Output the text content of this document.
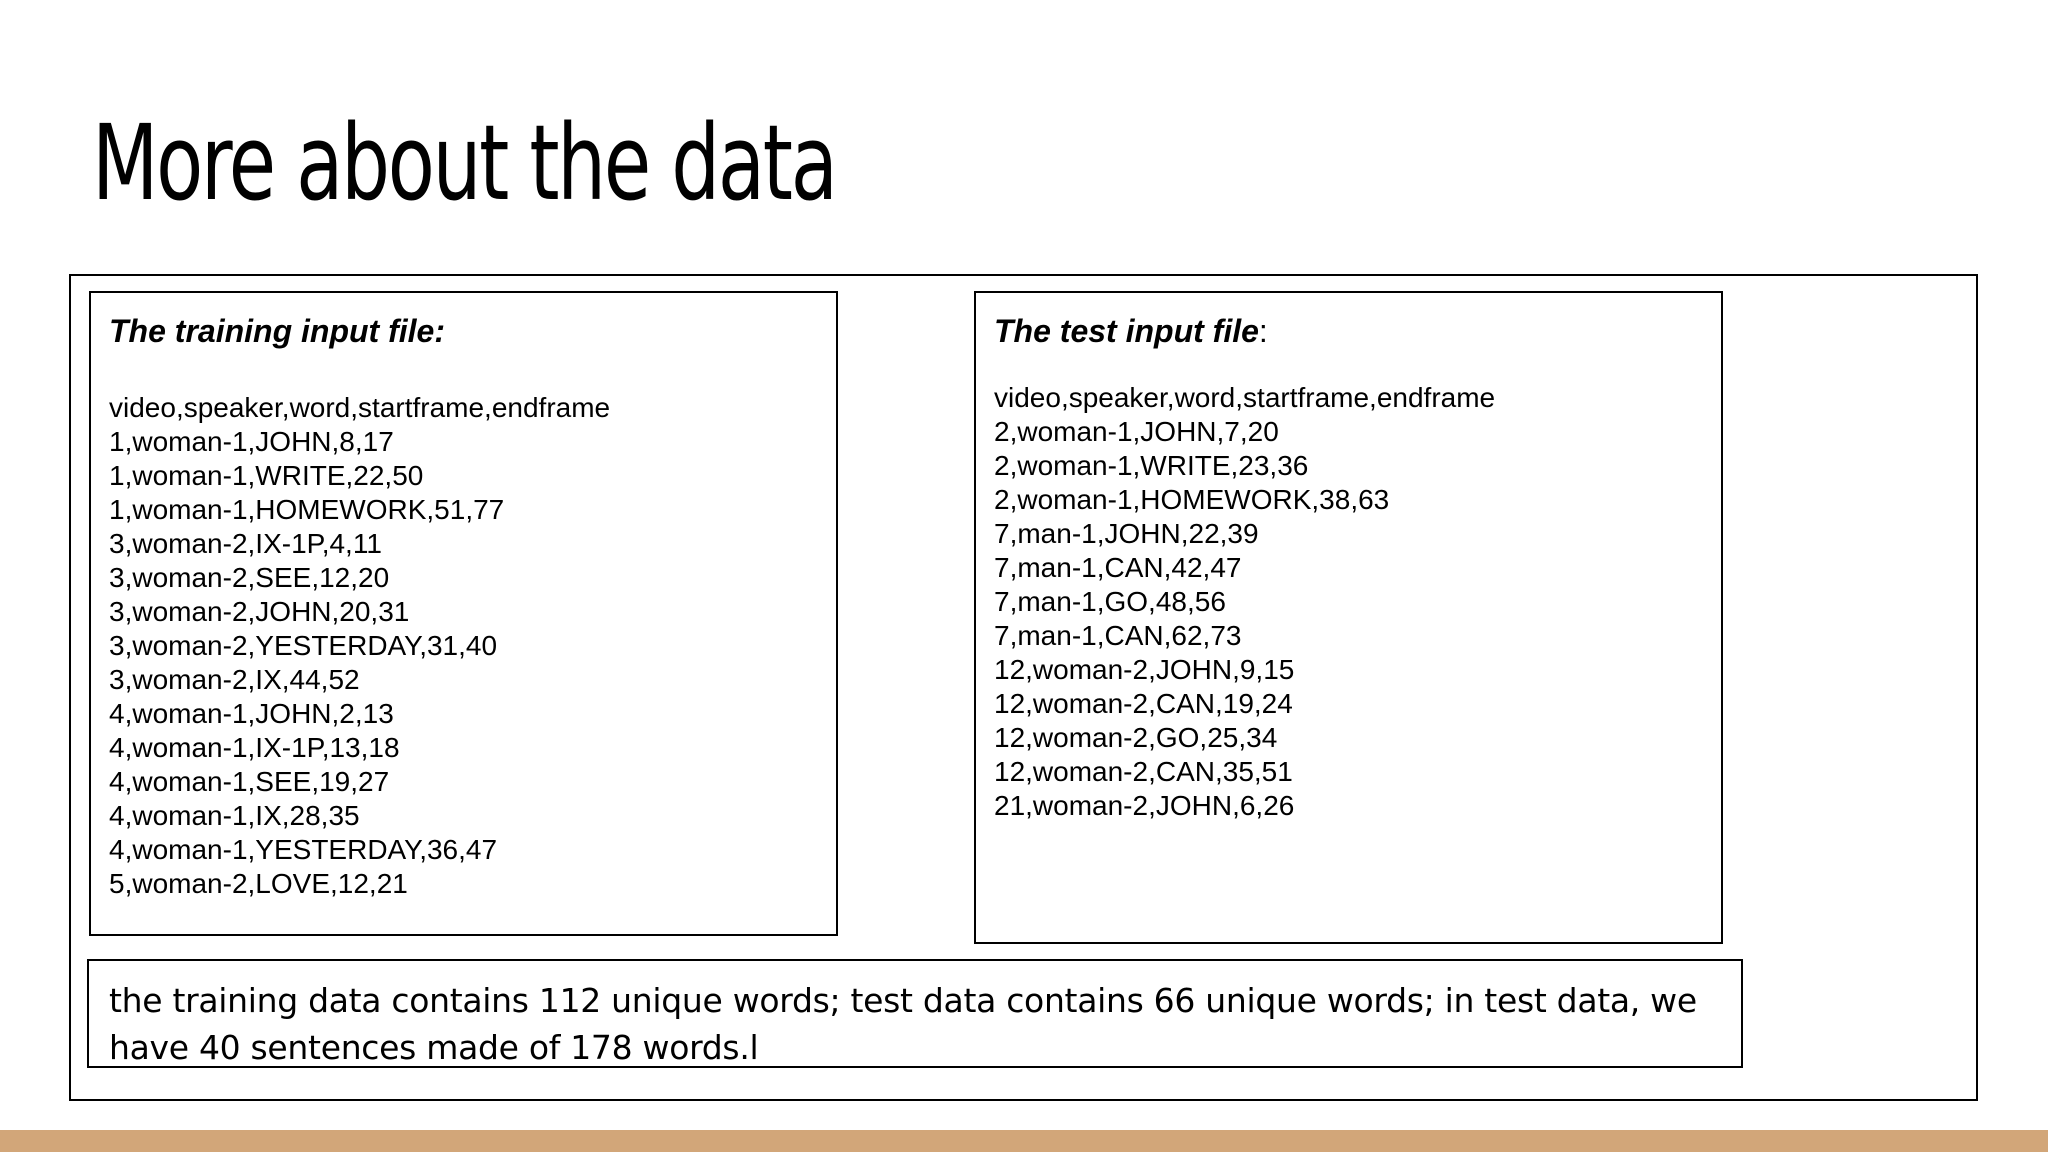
More about the data

The training input file:

video,speaker,word,startframe,endframe
1,woman-1,JOHN,8,17
1,woman-1,WRITE,22,50
1,woman-1,HOMEWORK,51,77
3,woman-2,IX-1P,4,11
3,woman-2,SEE,12,20
3,woman-2,JOHN,20,31
3,woman-2,YESTERDAY,31,40
3,woman-2,IX,44,52
4,woman-1,JOHN,2,13
4,woman-1,IX-1P,13,18
4,woman-1,SEE,19,27
4,woman-1,IX,28,35
4,woman-1,YESTERDAY,36,47
5,woman-2,LOVE,12,21

The test input file:

video,speaker,word,startframe,endframe
2,woman-1,JOHN,7,20
2,woman-1,WRITE,23,36
2,woman-1,HOMEWORK,38,63
7,man-1,JOHN,22,39
7,man-1,CAN,42,47
7,man-1,GO,48,56
7,man-1,CAN,62,73
12,woman-2,JOHN,9,15
12,woman-2,CAN,19,24
12,woman-2,GO,25,34
12,woman-2,CAN,35,51
21,woman-2,JOHN,6,26
the training data contains 112 unique words; test data contains 66 unique words; in test data, we have 40 sentences made of 178 words.l
